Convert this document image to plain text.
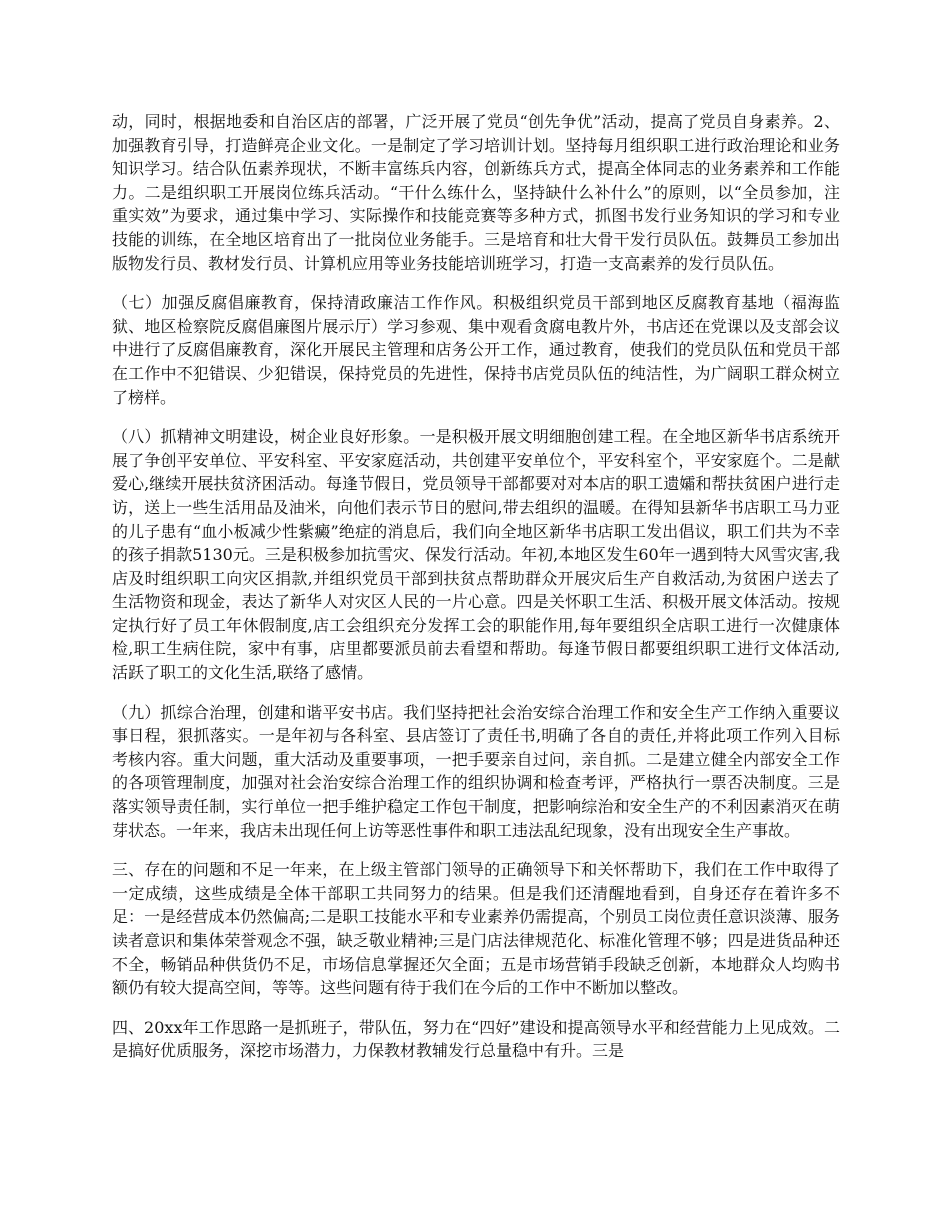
动，同时，根据地委和自治区店的部署，广泛开展了党员“创先争优”活动，提高了党员自身素养。2、加强教育引导，打造鲜亮企业文化。一是制定了学习培训计划。坚持每月组织职工进行政治理论和业务知识学习。结合队伍素养现状，不断丰富练兵内容，创新练兵方式，提高全体同志的业务素养和工作能力。二是组织职工开展岗位练兵活动。“干什么练什么，坚持缺什么补什么”的原则，以“全员参加，注重实效”为要求，通过集中学习、实际操作和技能竞赛等多种方式，抓图书发行业务知识的学习和专业技能的训练，在全地区培育出了一批岗位业务能手。三是培育和壮大骨干发行员队伍。鼓舞员工参加出版物发行员、教材发行员、计算机应用等业务技能培训班学习，打造一支高素养的发行员队伍。

（七）加强反腐倡廉教育，保持清政廉洁工作作风。积极组织党员干部到地区反腐教育基地（福海监狱、地区检察院反腐倡廉图片展示厅）学习参观、集中观看贪腐电教片外，书店还在党课以及支部会议中进行了反腐倡廉教育，深化开展民主管理和店务公开工作，通过教育，使我们的党员队伍和党员干部在工作中不犯错误、少犯错误，保持党员的先进性，保持书店党员队伍的纯洁性，为广阔职工群众树立了榜样。

（八）抓精神文明建设，树企业良好形象。一是积极开展文明细胞创建工程。在全地区新华书店系统开展了争创平安单位、平安科室、平安家庭活动，共创建平安单位个，平安科室个，平安家庭个。二是献爱心,继续开展扶贫济困活动。每逢节假日，党员领导干部都要对对本店的职工遗孀和帮扶贫困户进行走访，送上一些生活用品及油米，向他们表示节日的慰问,带去组织的温暖。在得知县新华书店职工马力亚的儿子患有“血小板减少性紫癜”绝症的消息后，我们向全地区新华书店职工发出倡议，职工们共为不幸的孩子捐款5130元。三是积极参加抗雪灾、保发行活动。年初,本地区发生60年一遇到特大风雪灾害,我店及时组织职工向灾区捐款,并组织党员干部到扶贫点帮助群众开展灾后生产自救活动,为贫困户送去了生活物资和现金，表达了新华人对灾区人民的一片心意。四是关怀职工生活、积极开展文体活动。按规定执行好了员工年休假制度,店工会组织充分发挥工会的职能作用,每年要组织全店职工进行一次健康体检,职工生病住院，家中有事，店里都要派员前去看望和帮助。每逢节假日都要组织职工进行文体活动,活跃了职工的文化生活,联络了感情。

（九）抓综合治理，创建和谐平安书店。我们坚持把社会治安综合治理工作和安全生产工作纳入重要议事日程，狠抓落实。一是年初与各科室、县店签订了责任书,明确了各自的责任,并将此项工作列入目标考核内容。重大问题，重大活动及重要事项，一把手要亲自过问，亲自抓。二是建立健全内部安全工作的各项管理制度，加强对社会治安综合治理工作的组织协调和检查考评，严格执行一票否决制度。三是落实领导责任制，实行单位一把手维护稳定工作包干制度，把影响综治和安全生产的不利因素消灭在萌芽状态。一年来，我店未出现任何上访等恶性事件和职工违法乱纪现象，没有出现安全生产事故。

三、存在的问题和不足一年来，在上级主管部门领导的正确领导下和关怀帮助下，我们在工作中取得了一定成绩，这些成绩是全体干部职工共同努力的结果。但是我们还清醒地看到，自身还存在着许多不足：一是经营成本仍然偏高;二是职工技能水平和专业素养仍需提高，个别员工岗位责任意识淡薄、服务读者意识和集体荣誉观念不强，缺乏敬业精神;三是门店法律规范化、标准化管理不够；四是进货品种还不全，畅销品种供货仍不足，市场信息掌握还欠全面；五是市场营销手段缺乏创新，本地群众人均购书额仍有较大提高空间，等等。这些问题有待于我们在今后的工作中不断加以整改。

四、20xx年工作思路一是抓班子，带队伍，努力在“四好”建设和提高领导水平和经营能力上见成效。二是搞好优质服务，深挖市场潜力，力保教材教辅发行总量稳中有升。三是
